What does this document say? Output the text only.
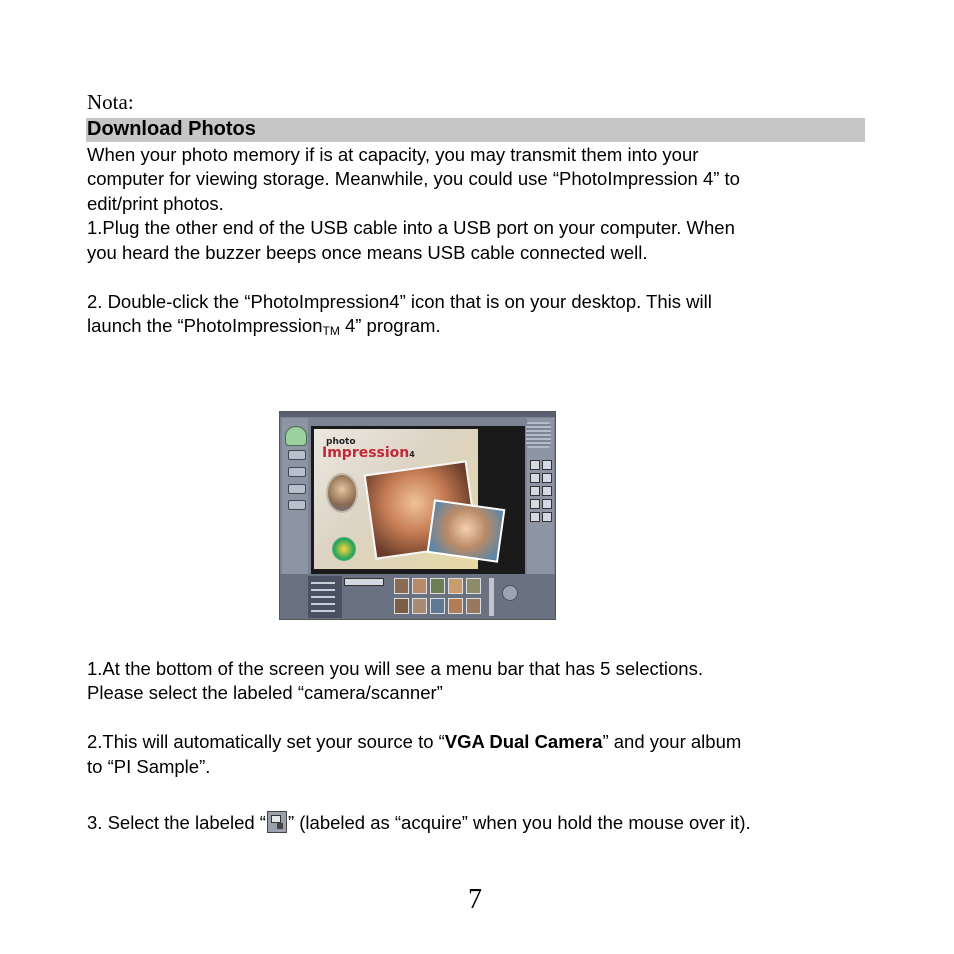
Nota:
Download Photos
When your photo memory if is at capacity, you may transmit them into your
computer for viewing storage. Meanwhile, you could use “PhotoImpression 4” to
edit/print photos.
1.Plug the other end of the USB cable into a USB port on your computer. When
you heard the buzzer beeps once means USB cable connected well.
2. Double-click the “PhotoImpression4” icon that is on your desktop. This will
launch the “PhotoImpression$_{TM}$ 4” program.
photo
Impression4
1.At the bottom of the screen you will see a menu bar that has 5 selections.
Please select the labeled “camera/scanner”
2.This will automatically set your source to “VGA Dual Camera” and your album
to “PI Sample”.
3. Select the labeled “ ” (labeled as “acquire” when you hold the mouse over it).
7
